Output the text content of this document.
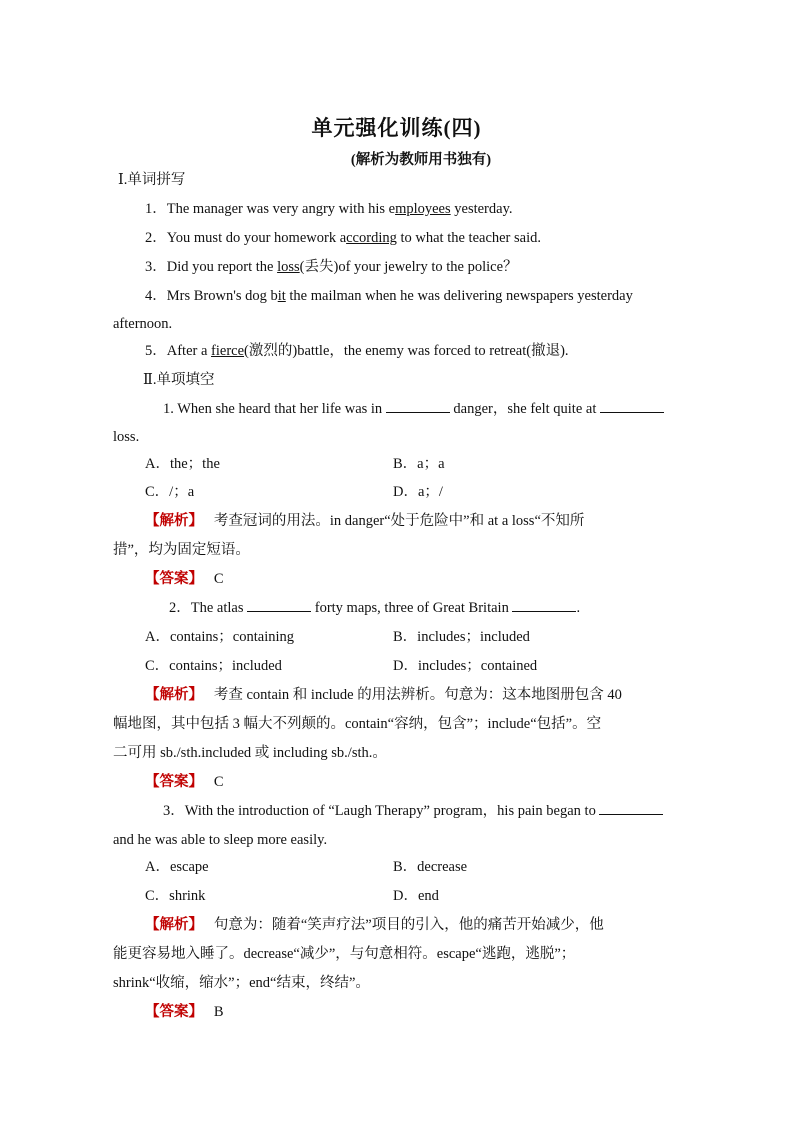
单元强化训练(四)
(解析为教师用书独有)
Ⅰ.单词拼写
1．The manager was very angry with his employees yesterday.
2．You must do your homework according to what the teacher said.
3．Did you report the loss(丢失)of your jewelry to the police？
4．Mrs Brown's dog bit the mailman when he was delivering newspapers yesterday
afternoon.
5．After a fierce(激烈的)battle，the enemy was forced to retreat(撤退).
Ⅱ.单项填空
1. When she heard that her life was in	danger，she felt quite at
loss.
A．the；the	B．a；a
C．/；a	D．a；/
【解析】 考查冠词的用法。in danger“处于危险中”和 at a loss“不知所
措”，均为固定短语。
【答案】 C
2．The atlas	forty maps, three of Great Britain	.
A．contains；containing	B．includes；included
C．contains；included	D．includes；contained
【解析】 考查 contain 和 include 的用法辨析。句意为：这本地图册包含 40
幅地图，其中包括 3 幅大不列颠的。contain“容纳，包含”；include“包括”。空
二可用 sb./sth.included 或 including sb./sth.。
【答案】 C
3．With the introduction of “Laugh Therapy” program，his pain began to
and he was able to sleep more easily.
A．escape	B．decrease
C．shrink	D．end
【解析】 句意为：随着“笑声疗法”项目的引入，他的痛苦开始减少，他
能更容易地入睡了。decrease“减少”，与句意相符。escape“逃跑，逃脱”；
shrink“收缩，缩水”；end“结束，终结”。
【答案】 B
